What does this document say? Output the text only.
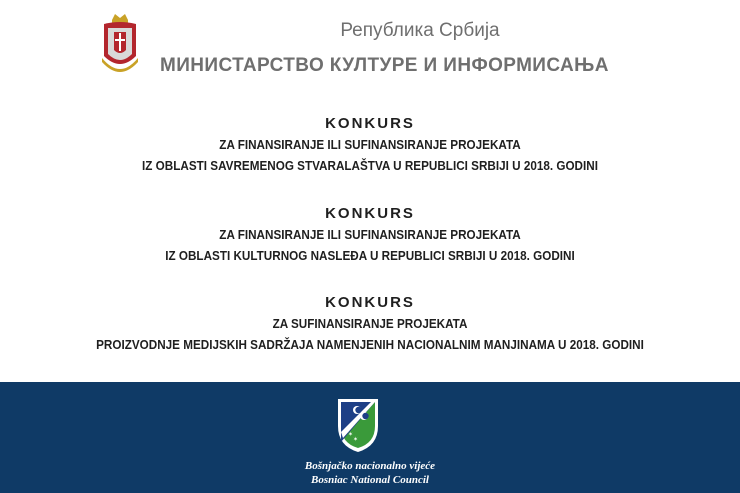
Република Србија
МИНИСТАРСТВО КУЛТУРЕ И ИНФОРМИСАЊА
KONKURS
ZA FINANSIRANJE ILI SUFINANSIRANJE PROJEKATA
IZ OBLASTI SAVREMENOG STVARALAŠTVA U REPUBLICI SRBIJI U 2018. GODINI
KONKURS
ZA FINANSIRANJE ILI SUFINANSIRANJE PROJEKATA
IZ OBLASTI KULTURNOG NASLEĐA U REPUBLICI SRBIJI U 2018. GODINI
KONKURS
ZA SUFINANSIRANJE PROJEKATA
PROIZVODNJE MEDIJSKIH SADRŽAJA NAMENJENIH NACIONALNIM MANJINAMA U 2018. GODINI
✶
✶
Bošnjačko nacionalno vijeće
Bosniac National Council
